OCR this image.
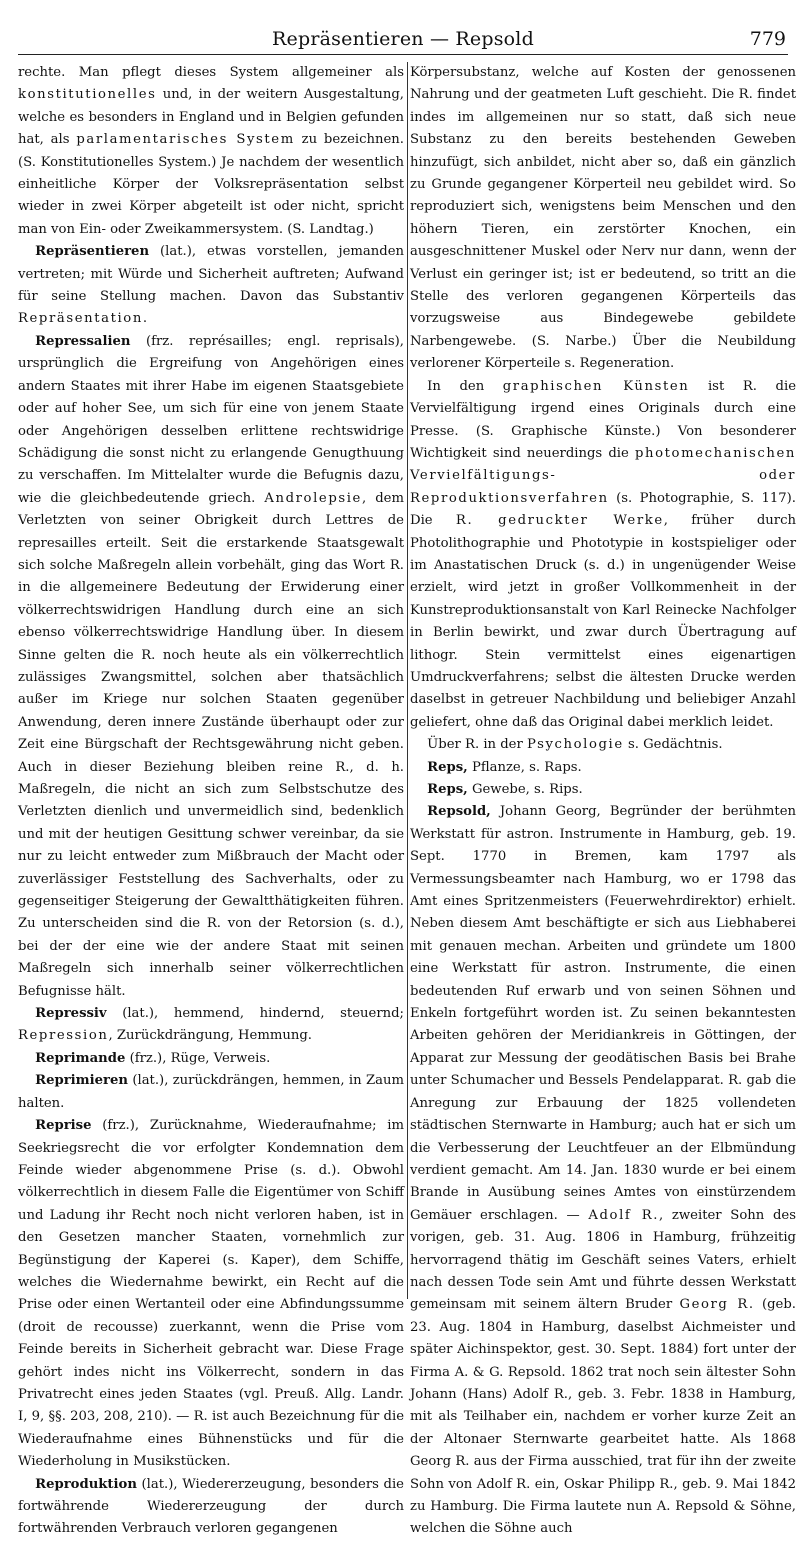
Repräsentieren — Repsold	779

rechte. Man pflegt dieses System allgemeiner als konstitutionelles und, in der weitern Ausgestaltung, welche es besonders in England und in Belgien gefunden hat, als parlamentarisches System zu bezeichnen. (S. Konstitutionelles System.) Je nachdem der wesentlich einheitliche Körper der Volksrepräsentation selbst wieder in zwei Körper abgeteilt ist oder nicht, spricht man von Ein- oder Zweikammersystem. (S. Landtag.)

Repräsentieren (lat.), etwas vorstellen, jemanden vertreten; mit Würde und Sicherheit auftreten; Aufwand für seine Stellung machen. Davon das Substantiv Repräsentation.

Repressalien (frz. représailles; engl. reprisals), ursprünglich die Ergreifung von Angehörigen eines andern Staates mit ihrer Habe im eigenen Staatsgebiete oder auf hoher See, um sich für eine von jenem Staate oder Angehörigen desselben erlittene rechtswidrige Schädigung die sonst nicht zu erlangende Genugthuung zu verschaffen. Im Mittelalter wurde die Befugnis dazu, wie die gleichbedeutende griech. Androlepsie, dem Verletzten von seiner Obrigkeit durch Lettres de represailles erteilt. Seit die erstarkende Staatsgewalt sich solche Maßregeln allein vorbehält, ging das Wort R. in die allgemeinere Bedeutung der Erwiderung einer völkerrechtswidrigen Handlung durch eine an sich ebenso völkerrechtswidrige Handlung über. In diesem Sinne gelten die R. noch heute als ein völkerrechtlich zulässiges Zwangsmittel, solchen aber thatsächlich außer im Kriege nur solchen Staaten gegenüber Anwendung, deren innere Zustände überhaupt oder zur Zeit eine Bürgschaft der Rechtsgewährung nicht geben. Auch in dieser Beziehung bleiben reine R., d. h. Maßregeln, die nicht an sich zum Selbstschutze des Verletzten dienlich und unvermeidlich sind, bedenklich und mit der heutigen Gesittung schwer vereinbar, da sie nur zu leicht entweder zum Mißbrauch der Macht oder zuverlässiger Feststellung des Sachverhalts, oder zu gegenseitiger Steigerung der Gewaltthätigkeiten führen. Zu unterscheiden sind die R. von der Retorsion (s. d.), bei der der eine wie der andere Staat mit seinen Maßregeln sich innerhalb seiner völkerrechtlichen Befugnisse hält.

Repressiv (lat.), hemmend, hindernd, steuernd; Repression, Zurückdrängung, Hemmung.

Reprimande (frz.), Rüge, Verweis.

Reprimieren (lat.), zurückdrängen, hemmen, in Zaum halten.

Reprise (frz.), Zurücknahme, Wiederaufnahme; im Seekriegsrecht die vor erfolgter Kondemnation dem Feinde wieder abgenommene Prise (s. d.). Obwohl völkerrechtlich in diesem Falle die Eigentümer von Schiff und Ladung ihr Recht noch nicht verloren haben, ist in den Gesetzen mancher Staaten, vornehmlich zur Begünstigung der Kaperei (s. Kaper), dem Schiffe, welches die Wiedernahme bewirkt, ein Recht auf die Prise oder einen Wertanteil oder eine Abfindungssumme (droit de recousse) zuerkannt, wenn die Prise vom Feinde bereits in Sicherheit gebracht war. Diese Frage gehört indes nicht ins Völkerrecht, sondern in das Privatrecht eines jeden Staates (vgl. Preuß. Allg. Landr. I, 9, §§. 203, 208, 210). — R. ist auch Bezeichnung für die Wiederaufnahme eines Bühnenstücks und für die Wiederholung in Musikstücken.

Reproduktion (lat.), Wiedererzeugung, besonders die fortwährende Wiedererzeugung der durch fortwährenden Verbrauch verloren gegangenen

Körpersubstanz, welche auf Kosten der genossenen Nahrung und der geatmeten Luft geschieht. Die R. findet indes im allgemeinen nur so statt, daß sich neue Substanz zu den bereits bestehenden Geweben hinzufügt, sich anbildet, nicht aber so, daß ein gänzlich zu Grunde gegangener Körperteil neu gebildet wird. So reproduziert sich, wenigstens beim Menschen und den höhern Tieren, ein zerstörter Knochen, ein ausgeschnittener Muskel oder Nerv nur dann, wenn der Verlust ein geringer ist; ist er bedeutend, so tritt an die Stelle des verloren gegangenen Körperteils das vorzugsweise aus Bindegewebe gebildete Narbengewebe. (S. Narbe.) Über die Neubildung verlorener Körperteile s. Regeneration.

In den graphischen Künsten ist R. die Vervielfältigung irgend eines Originals durch eine Presse. (S. Graphische Künste.) Von besonderer Wichtigkeit sind neuerdings die photomechanischen Vervielfältigungs- oder Reproduktionsverfahren (s. Photographie, S. 117). Die R. gedruckter Werke, früher durch Photolithographie und Phototypie in kostspieliger oder im Anastatischen Druck (s. d.) in ungenügender Weise erzielt, wird jetzt in großer Vollkommenheit in der Kunstreproduktionsanstalt von Karl Reinecke Nachfolger in Berlin bewirkt, und zwar durch Übertragung auf lithogr. Stein vermittelst eines eigenartigen Umdruckverfahrens; selbst die ältesten Drucke werden daselbst in getreuer Nachbildung und beliebiger Anzahl geliefert, ohne daß das Original dabei merklich leidet.

Über R. in der Psychologie s. Gedächtnis.

Reps, Pflanze, s. Raps.

Reps, Gewebe, s. Rips.

Repsold, Johann Georg, Begründer der berühmten Werkstatt für astron. Instrumente in Hamburg, geb. 19. Sept. 1770 in Bremen, kam 1797 als Vermessungsbeamter nach Hamburg, wo er 1798 das Amt eines Spritzenmeisters (Feuerwehrdirektor) erhielt. Neben diesem Amt beschäftigte er sich aus Liebhaberei mit genauen mechan. Arbeiten und gründete um 1800 eine Werkstatt für astron. Instrumente, die einen bedeutenden Ruf erwarb und von seinen Söhnen und Enkeln fortgeführt worden ist. Zu seinen bekanntesten Arbeiten gehören der Meridiankreis in Göttingen, der Apparat zur Messung der geodätischen Basis bei Brahe unter Schumacher und Bessels Pendelapparat. R. gab die Anregung zur Erbauung der 1825 vollendeten städtischen Sternwarte in Hamburg; auch hat er sich um die Verbesserung der Leuchtfeuer an der Elbmündung verdient gemacht. Am 14. Jan. 1830 wurde er bei einem Brande in Ausübung seines Amtes von einstürzendem Gemäuer erschlagen. — Adolf R., zweiter Sohn des vorigen, geb. 31. Aug. 1806 in Hamburg, frühzeitig hervorragend thätig im Geschäft seines Vaters, erhielt nach dessen Tode sein Amt und führte dessen Werkstatt gemeinsam mit seinem ältern Bruder Georg R. (geb. 23. Aug. 1804 in Hamburg, daselbst Aichmeister und später Aichinspektor, gest. 30. Sept. 1884) fort unter der Firma A. & G. Repsold. 1862 trat noch sein ältester Sohn Johann (Hans) Adolf R., geb. 3. Febr. 1838 in Hamburg, mit als Teilhaber ein, nachdem er vorher kurze Zeit an der Altonaer Sternwarte gearbeitet hatte. Als 1868 Georg R. aus der Firma ausschied, trat für ihn der zweite Sohn von Adolf R. ein, Oskar Philipp R., geb. 9. Mai 1842 zu Hamburg. Die Firma lautete nun A. Repsold & Söhne, welchen die Söhne auch
